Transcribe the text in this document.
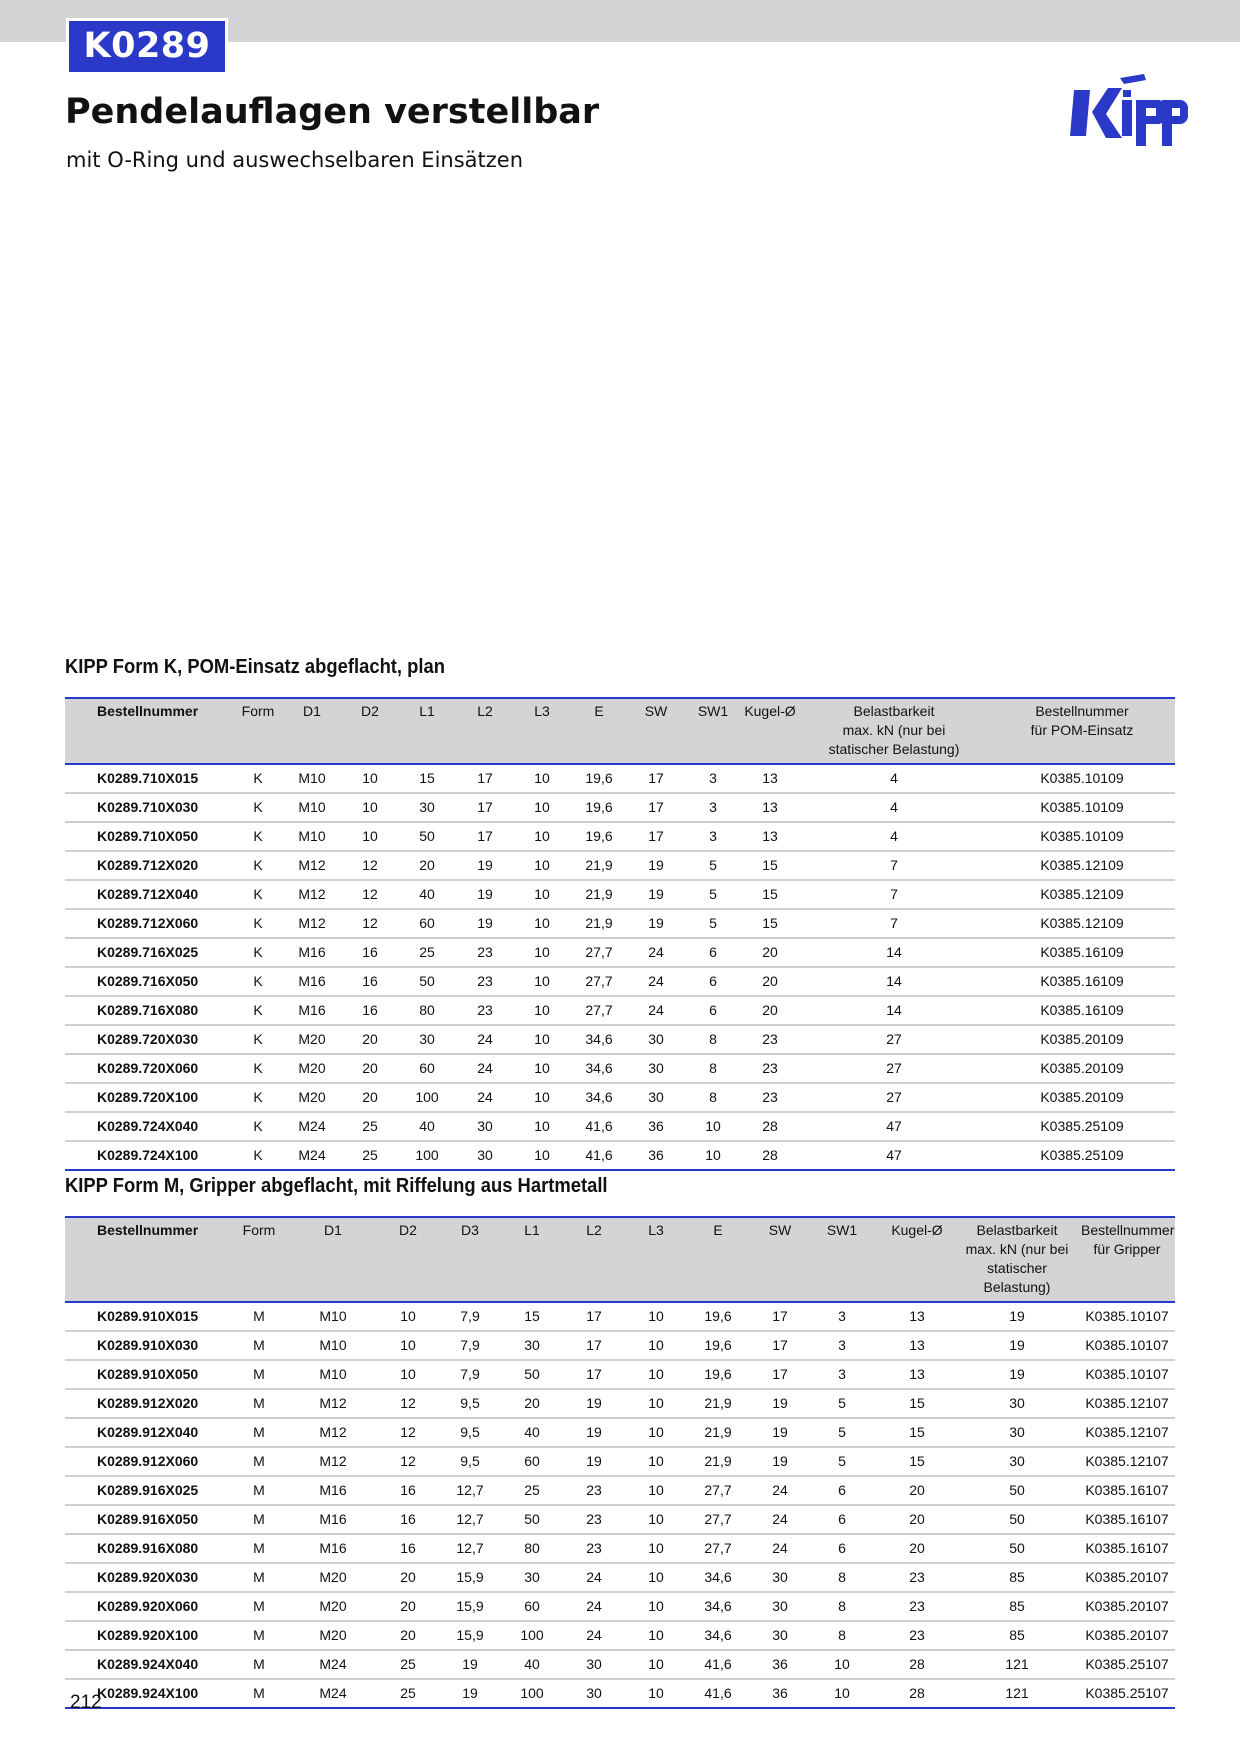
K0289
Pendelauflagen verstellbar
mit O-Ring und auswechselbaren Einsätzen
KIPP Form K, POM-Einsatz abgeflacht, plan
Bestellnummer	Form	D1	D2	L1	L2	L3	E	SW	SW1	Kugel-Ø	Belastbarkeit
max. kN (nur bei
statischer Belastung)	Bestellnummer
für POM-Einsatz

K0289.710X015	K	M10	10	15	17	10	19,6	17	3	13	4	K0385.10109
K0289.710X030	K	M10	10	30	17	10	19,6	17	3	13	4	K0385.10109
K0289.710X050	K	M10	10	50	17	10	19,6	17	3	13	4	K0385.10109
K0289.712X020	K	M12	12	20	19	10	21,9	19	5	15	7	K0385.12109
K0289.712X040	K	M12	12	40	19	10	21,9	19	5	15	7	K0385.12109
K0289.712X060	K	M12	12	60	19	10	21,9	19	5	15	7	K0385.12109
K0289.716X025	K	M16	16	25	23	10	27,7	24	6	20	14	K0385.16109
K0289.716X050	K	M16	16	50	23	10	27,7	24	6	20	14	K0385.16109
K0289.716X080	K	M16	16	80	23	10	27,7	24	6	20	14	K0385.16109
K0289.720X030	K	M20	20	30	24	10	34,6	30	8	23	27	K0385.20109
K0289.720X060	K	M20	20	60	24	10	34,6	30	8	23	27	K0385.20109
K0289.720X100	K	M20	20	100	24	10	34,6	30	8	23	27	K0385.20109
K0289.724X040	K	M24	25	40	30	10	41,6	36	10	28	47	K0385.25109
K0289.724X100	K	M24	25	100	30	10	41,6	36	10	28	47	K0385.25109
KIPP Form M, Gripper abgeflacht, mit Riffelung aus Hartmetall
Bestellnummer	Form	D1	D2	D3	L1	L2	L3	E	SW	SW1	Kugel-Ø	Belastbarkeit
max. kN (nur bei
statischer Belastung)	Bestellnummer
für Gripper

K0289.910X015	M	M10	10	7,9	15	17	10	19,6	17	3	13	19	K0385.10107
K0289.910X030	M	M10	10	7,9	30	17	10	19,6	17	3	13	19	K0385.10107
K0289.910X050	M	M10	10	7,9	50	17	10	19,6	17	3	13	19	K0385.10107
K0289.912X020	M	M12	12	9,5	20	19	10	21,9	19	5	15	30	K0385.12107
K0289.912X040	M	M12	12	9,5	40	19	10	21,9	19	5	15	30	K0385.12107
K0289.912X060	M	M12	12	9,5	60	19	10	21,9	19	5	15	30	K0385.12107
K0289.916X025	M	M16	16	12,7	25	23	10	27,7	24	6	20	50	K0385.16107
K0289.916X050	M	M16	16	12,7	50	23	10	27,7	24	6	20	50	K0385.16107
K0289.916X080	M	M16	16	12,7	80	23	10	27,7	24	6	20	50	K0385.16107
K0289.920X030	M	M20	20	15,9	30	24	10	34,6	30	8	23	85	K0385.20107
K0289.920X060	M	M20	20	15,9	60	24	10	34,6	30	8	23	85	K0385.20107
K0289.920X100	M	M20	20	15,9	100	24	10	34,6	30	8	23	85	K0385.20107
K0289.924X040	M	M24	25	19	40	30	10	41,6	36	10	28	121	K0385.25107
K0289.924X100	M	M24	25	19	100	30	10	41,6	36	10	28	121	K0385.25107
212
